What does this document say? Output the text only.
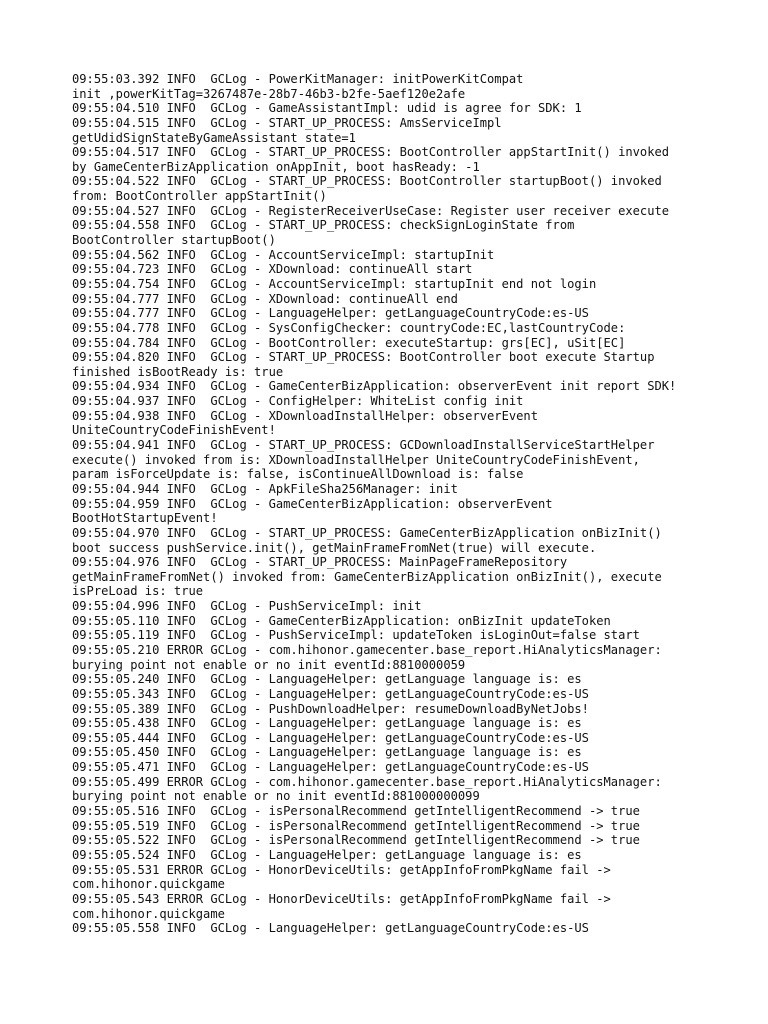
09:55:03.392 INFO  GCLog - PowerKitManager: initPowerKitCompat
init ,powerKitTag=3267487e-28b7-46b3-b2fe-5aef120e2afe
09:55:04.510 INFO  GCLog - GameAssistantImpl: udid is agree for SDK: 1
09:55:04.515 INFO  GCLog - START_UP_PROCESS: AmsServiceImpl
getUdidSignStateByGameAssistant state=1
09:55:04.517 INFO  GCLog - START_UP_PROCESS: BootController appStartInit() invoked
by GameCenterBizApplication onAppInit, boot hasReady: -1
09:55:04.522 INFO  GCLog - START_UP_PROCESS: BootController startupBoot() invoked
from: BootController appStartInit()
09:55:04.527 INFO  GCLog - RegisterReceiverUseCase: Register user receiver execute
09:55:04.558 INFO  GCLog - START_UP_PROCESS: checkSignLoginState from
BootController startupBoot()
09:55:04.562 INFO  GCLog - AccountServiceImpl: startupInit
09:55:04.723 INFO  GCLog - XDownload: continueAll start
09:55:04.754 INFO  GCLog - AccountServiceImpl: startupInit end not login
09:55:04.777 INFO  GCLog - XDownload: continueAll end
09:55:04.777 INFO  GCLog - LanguageHelper: getLanguageCountryCode:es-US
09:55:04.778 INFO  GCLog - SysConfigChecker: countryCode:EC,lastCountryCode:
09:55:04.784 INFO  GCLog - BootController: executeStartup: grs[EC], uSit[EC]
09:55:04.820 INFO  GCLog - START_UP_PROCESS: BootController boot execute Startup
finished isBootReady is: true
09:55:04.934 INFO  GCLog - GameCenterBizApplication: observerEvent init report SDK!
09:55:04.937 INFO  GCLog - ConfigHelper: WhiteList config init
09:55:04.938 INFO  GCLog - XDownloadInstallHelper: observerEvent
UniteCountryCodeFinishEvent!
09:55:04.941 INFO  GCLog - START_UP_PROCESS: GCDownloadInstallServiceStartHelper
execute() invoked from is: XDownloadInstallHelper UniteCountryCodeFinishEvent,
param isForceUpdate is: false, isContinueAllDownload is: false
09:55:04.944 INFO  GCLog - ApkFileSha256Manager: init
09:55:04.959 INFO  GCLog - GameCenterBizApplication: observerEvent
BootHotStartupEvent!
09:55:04.970 INFO  GCLog - START_UP_PROCESS: GameCenterBizApplication onBizInit()
boot success pushService.init(), getMainFrameFromNet(true) will execute.
09:55:04.976 INFO  GCLog - START_UP_PROCESS: MainPageFrameRepository
getMainFrameFromNet() invoked from: GameCenterBizApplication onBizInit(), execute
isPreLoad is: true
09:55:04.996 INFO  GCLog - PushServiceImpl: init
09:55:05.110 INFO  GCLog - GameCenterBizApplication: onBizInit updateToken
09:55:05.119 INFO  GCLog - PushServiceImpl: updateToken isLoginOut=false start
09:55:05.210 ERROR GCLog - com.hihonor.gamecenter.base_report.HiAnalyticsManager:
burying point not enable or no init eventId:8810000059
09:55:05.240 INFO  GCLog - LanguageHelper: getLanguage language is: es
09:55:05.343 INFO  GCLog - LanguageHelper: getLanguageCountryCode:es-US
09:55:05.389 INFO  GCLog - PushDownloadHelper: resumeDownloadByNetJobs!
09:55:05.438 INFO  GCLog - LanguageHelper: getLanguage language is: es
09:55:05.444 INFO  GCLog - LanguageHelper: getLanguageCountryCode:es-US
09:55:05.450 INFO  GCLog - LanguageHelper: getLanguage language is: es
09:55:05.471 INFO  GCLog - LanguageHelper: getLanguageCountryCode:es-US
09:55:05.499 ERROR GCLog - com.hihonor.gamecenter.base_report.HiAnalyticsManager:
burying point not enable or no init eventId:881000000099
09:55:05.516 INFO  GCLog - isPersonalRecommend getIntelligentRecommend -> true
09:55:05.519 INFO  GCLog - isPersonalRecommend getIntelligentRecommend -> true
09:55:05.522 INFO  GCLog - isPersonalRecommend getIntelligentRecommend -> true
09:55:05.524 INFO  GCLog - LanguageHelper: getLanguage language is: es
09:55:05.531 ERROR GCLog - HonorDeviceUtils: getAppInfoFromPkgName fail ->
com.hihonor.quickgame
09:55:05.543 ERROR GCLog - HonorDeviceUtils: getAppInfoFromPkgName fail ->
com.hihonor.quickgame
09:55:05.558 INFO  GCLog - LanguageHelper: getLanguageCountryCode:es-US
